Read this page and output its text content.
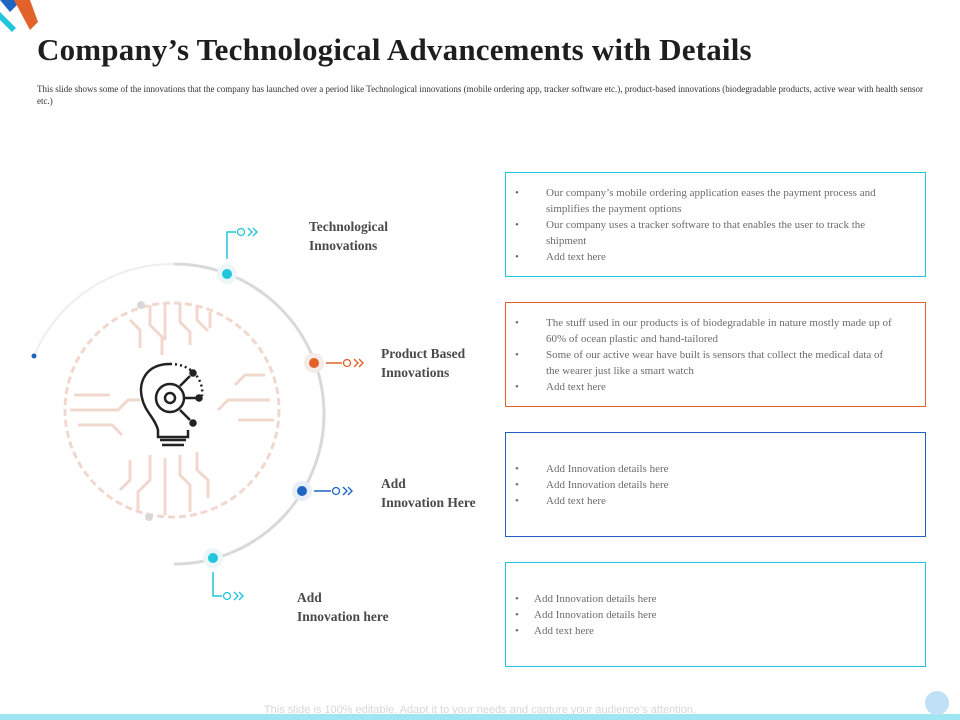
Company’s Technological Advancements with Details
This slide shows some of the innovations that the company has launched over a period like Technological innovations (mobile ordering app, tracker software etc.), product-based innovations (biodegradable products, active wear with health sensor etc.)
Technological
Innovations
Product Based
Innovations
Add
Innovation Here
Add
Innovation here
• Our company’s mobile ordering application eases the payment process and simplifies the payment options
• Our company uses a tracker software to that enables the user to track the shipment
• Add text here
• The stuff used in our products is of biodegradable in nature mostly made up of 60% of ocean plastic and hand-tailored
• Some of our active wear have built is sensors that collect the medical data of the wearer just like a smart watch
• Add text here
• Add Innovation details here
• Add Innovation details here
• Add text here
• Add Innovation details here
• Add Innovation details here
• Add text here
This slide is 100% editable. Adapt it to your needs and capture your audience’s attention.
